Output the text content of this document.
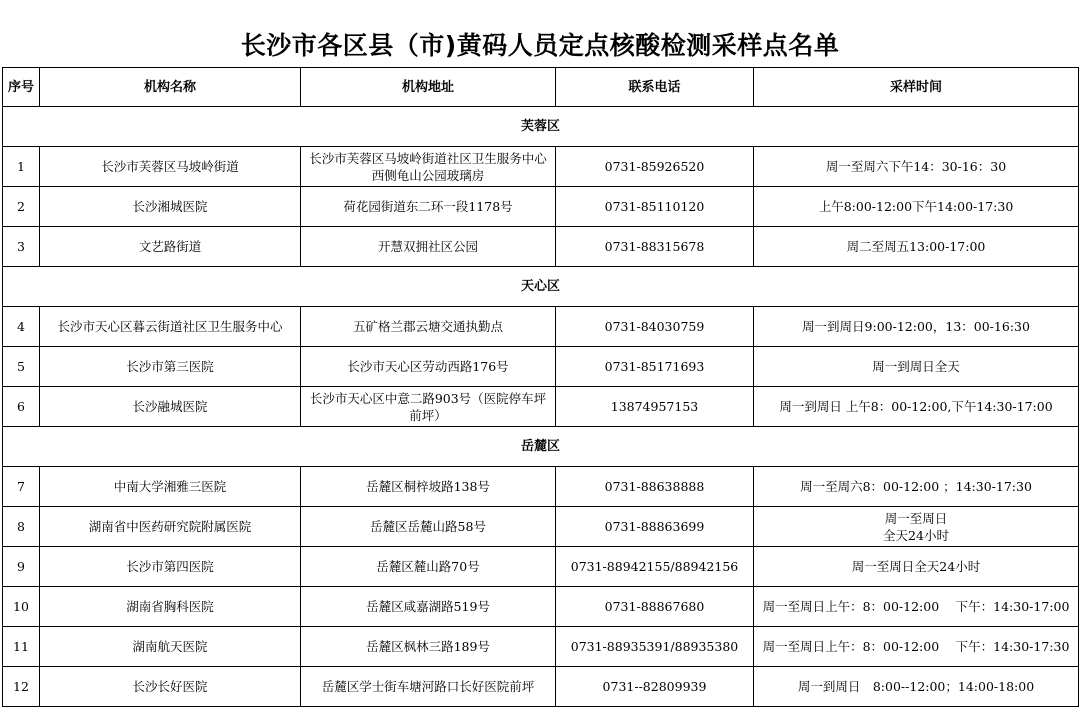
长沙市各区县（市)黄码人员定点核酸检测采样点名单
序号	机构名称	机构地址	联系电话	采样时间
芙蓉区				
1	长沙市芙蓉区马坡岭街道	长沙市芙蓉区马坡岭街道社区卫生服务中心西侧龟山公园玻璃房	0731-85926520	周一至周六下午14：30-16：30
2	长沙湘城医院	荷花园街道东二环一段1178号	0731-85110120	上午8:00-12:00下午14:00-17:30
3	文艺路街道	开慧双拥社区公园	0731-88315678	周二至周五13:00-17:00
天心区				
4	长沙市天心区暮云街道社区卫生服务中心	五矿格兰郡云塘交通执勤点	0731-84030759	周一到周日9:00-12:00，13：00-16:30
5	长沙市第三医院	长沙市天心区劳动西路176号	0731-85171693	周一到周日全天
6	长沙融城医院	长沙市天心区中意二路903号（医院停车坪前坪）	13874957153	周一到周日 上午8：00-12:00,下午14:30-17:00
岳麓区				
7	中南大学湘雅三医院	岳麓区桐梓坡路138号	0731-88638888	周一至周六8：00-12:00 ；14:30-17:30
8	湖南省中医药研究院附属医院	岳麓区岳麓山路58号	0731-88863699	周一至周日
全天24小时
9	长沙市第四医院	岳麓区麓山路70号	0731-88942155/88942156	周一至周日全天24小时
10	湖南省胸科医院	岳麓区咸嘉湖路519号	0731-88867680	周一至周日上午：8：00-12:00　 下午：14:30-17:00
11	湖南航天医院	岳麓区枫林三路189号	0731-88935391/88935380	周一至周日上午：8：00-12:00　 下午：14:30-17:30
12	长沙长好医院	岳麓区学士街车塘河路口长好医院前坪	0731--82809939	周一到周日　8:00--12:00；14:00-18:00
